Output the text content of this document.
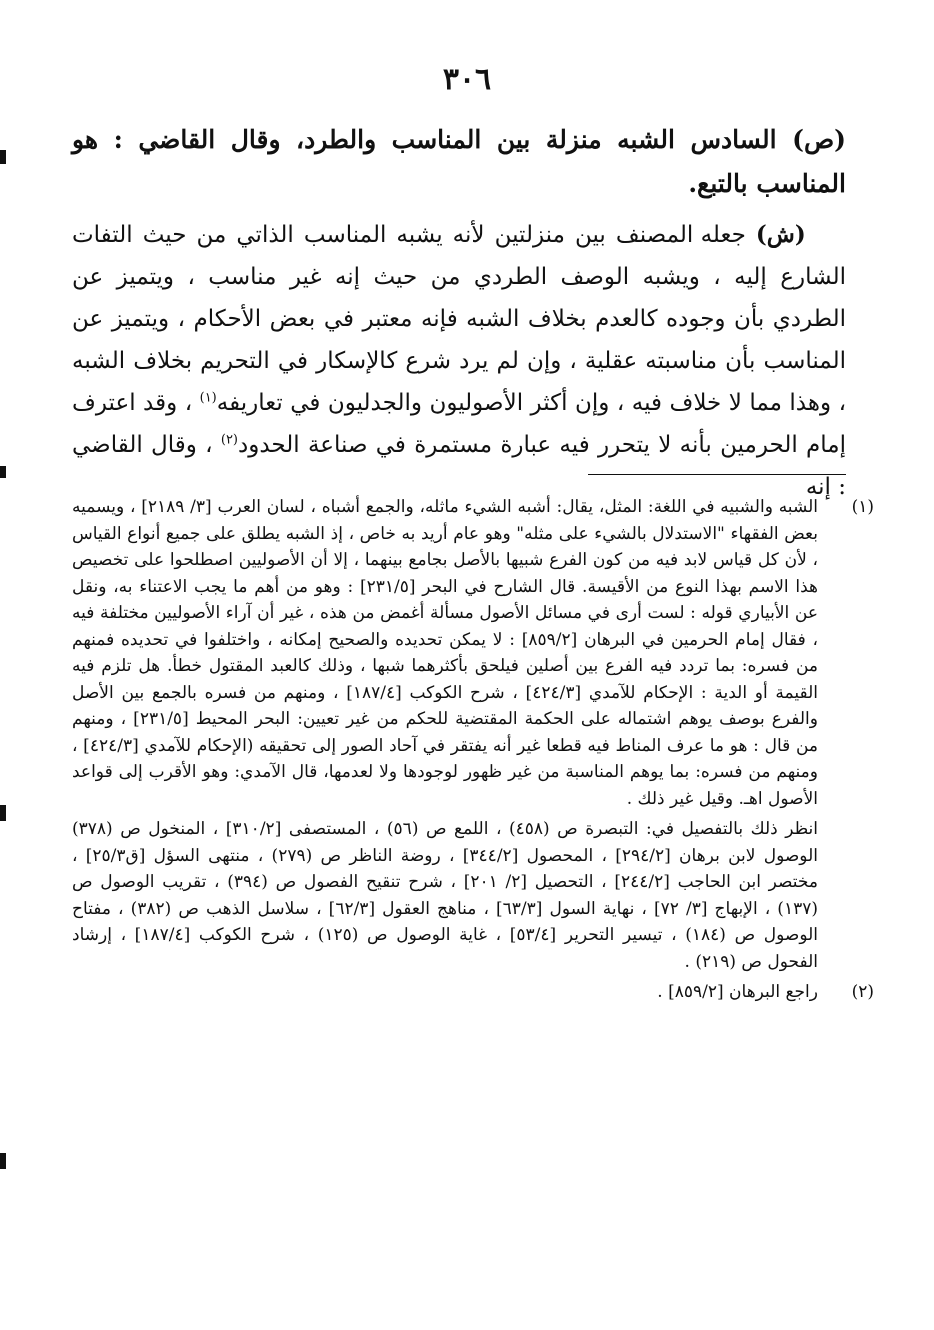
٣٠٦
(ص) السادس الشبه منزلة بين المناسب والطرد، وقال القاضي : هو المناسب بالتبع.
(ش) جعله المصنف بين منزلتين لأنه يشبه المناسب الذاتي من حيث التفات الشارع إليه ، ويشبه الوصف الطردي من حيث إنه غير مناسب ، ويتميز عن الطردي بأن وجوده كالعدم بخلاف الشبه فإنه معتبر في بعض الأحكام ، ويتميز عن المناسب بأن مناسبته عقلية ، وإن لم يرد شرع كالإسكار في التحريم بخلاف الشبه ، وهذا مما لا خلاف فيه ، وإن أكثر الأصوليون والجدليون في تعاريفه$^{(١)}$ ، وقد اعترف إمام الحرمين بأنه لا يتحرر فيه عبارة مستمرة في صناعة الحدود$^{(٢)}$ ، وقال القاضي : إنه

(١)الشبه والشبيه في اللغة: المثل، يقال: أشبه الشيء ماثله، والجمع أشباه ، لسان العرب [٣/ ٢١٨٩] ، ويسميه بعض الفقهاء "الاستدلال بالشيء على مثله" وهو عام أريد به خاص ، إذ الشبه يطلق على جميع أنواع القياس ، لأن كل قياس لابد فيه من كون الفرع شبيها بالأصل بجامع بينهما ، إلا أن الأصوليين اصطلحوا على تخصيص هذا الاسم بهذا النوع من الأقيسة. قال الشارح في البحر [٢٣١/٥] : وهو من أهم ما يجب الاعتناء به، ونقل عن الأبياري قوله : لست أرى في مسائل الأصول مسألة أغمض من هذه ، غير أن آراء الأصوليين مختلفة فيه ، فقال إمام الحرمين في البرهان [٨٥٩/٢] : لا يمكن تحديده والصحيح إمكانه ، واختلفوا في تحديده فمنهم من فسره: بما تردد فيه الفرع بين أصلين فيلحق بأكثرهما شبها ، وذلك كالعبد المقتول خطأ. هل تلزم فيه القيمة أو الدية : الإحكام للآمدي [٤٢٤/٣] ، شرح الكوكب [١٨٧/٤] ، ومنهم من فسره بالجمع بين الأصل والفرع بوصف يوهم اشتماله على الحكمة المقتضية للحكم من غير تعيين: البحر المحيط [٢٣١/٥] ، ومنهم من قال : هو ما عرف المناط فيه قطعا غير أنه يفتقر في آحاد الصور إلى تحقيقه (الإحكام للآمدي [٤٢٤/٣] ، ومنهم من فسره: بما يوهم المناسبة من غير ظهور لوجودها ولا لعدمها، قال الآمدي: وهو الأقرب إلى قواعد الأصول اهـ. وقيل غير ذلك .

انظر ذلك بالتفصيل في: التبصرة ص (٤٥٨) ، اللمع ص (٥٦) ، المستصفى [٣١٠/٢] ، المنخول ص (٣٧٨) الوصول لابن برهان [٢٩٤/٢] ، المحصول [٣٤٤/٢] ، روضة الناظر ص (٢٧٩) ، منتهى السؤل [ق٢٥/٣] ، مختصر ابن الحاجب [٢٤٤/٢] ، التحصيل [٢/ ٢٠١] ، شرح تنقيح الفصول ص (٣٩٤) ، تقريب الوصول ص (١٣٧) ، الإبهاج [٣/ ٧٢] ، نهاية السول [٦٣/٣] ، مناهج العقول [٦٢/٣] ، سلاسل الذهب ص (٣٨٢) ، مفتاح الوصول ص (١٨٤) ، تيسير التحرير [٥٣/٤] ، غاية الوصول ص (١٢٥) ، شرح الكوكب [١٨٧/٤] ، إرشاد الفحول ص (٢١٩) .

(٢)راجع البرهان [٨٥٩/٢] .
